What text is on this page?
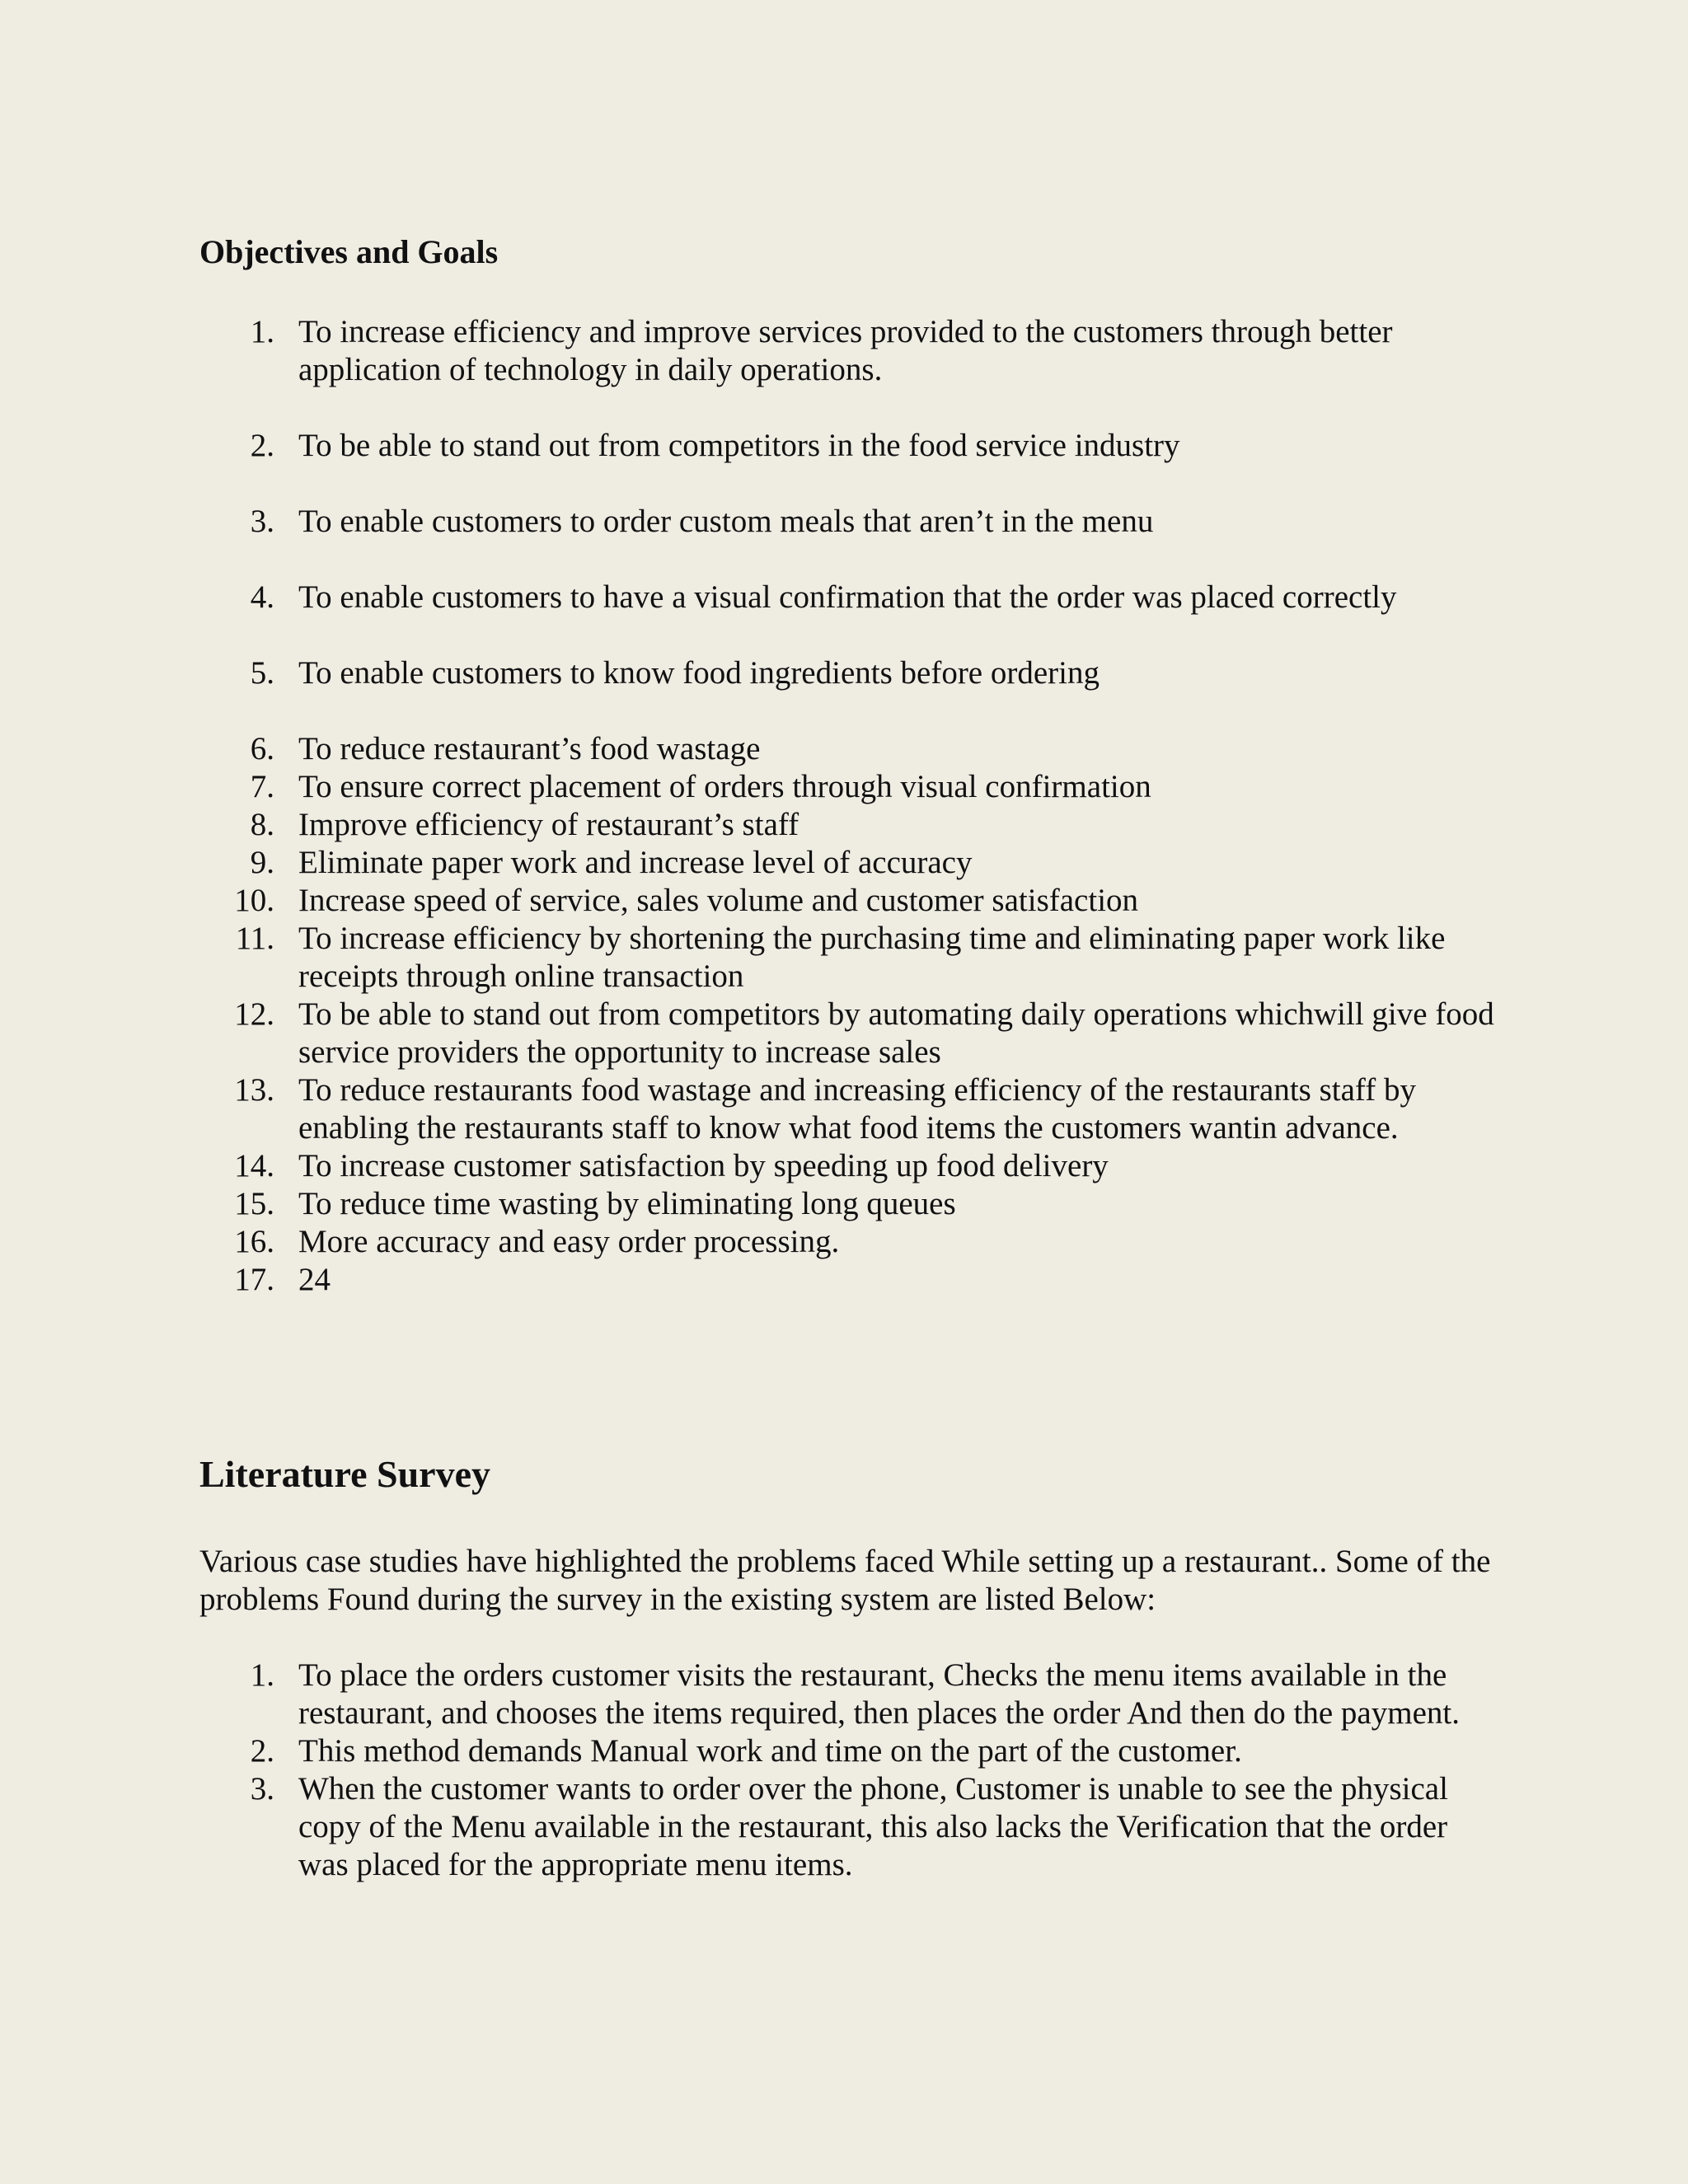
Objectives and Goals
1. To increase efficiency and improve services provided to the customers through better application of technology in daily operations.
2. To be able to stand out from competitors in the food service industry
3. To enable customers to order custom meals that aren’t in the menu
4. To enable customers to have a visual confirmation that the order was placed correctly
5. To enable customers to know food ingredients before ordering
6. To reduce restaurant’s food wastage
7. To ensure correct placement of orders through visual confirmation
8. Improve efficiency of restaurant’s staff
9. Eliminate paper work and increase level of accuracy
10. Increase speed of service, sales volume and customer satisfaction
11. To increase efficiency by shortening the purchasing time and eliminating paper work like receipts through online transaction
12. To be able to stand out from competitors by automating daily operations whichwill give food service providers the opportunity to increase sales
13. To reduce restaurants food wastage and increasing efficiency of the restaurants staff by enabling the restaurants staff to know what food items the customers wantin advance.
14. To increase customer satisfaction by speeding up food delivery
15. To reduce time wasting by eliminating long queues
16. More accuracy and easy order processing.
17. 24
Literature Survey

Various case studies have highlighted the problems faced While setting up a restaurant.. Some of the problems Found during the survey in the existing system are listed Below:

1. To place the orders customer visits the restaurant, Checks the menu items available in the restaurant, and chooses the items required, then places the order And then do the payment.
2. This method demands Manual work and time on the part of the customer.
3. When the customer wants to order over the phone, Customer is unable to see the physical copy of the Menu available in the restaurant, this also lacks the Verification that the order was placed for the appropriate menu items.
